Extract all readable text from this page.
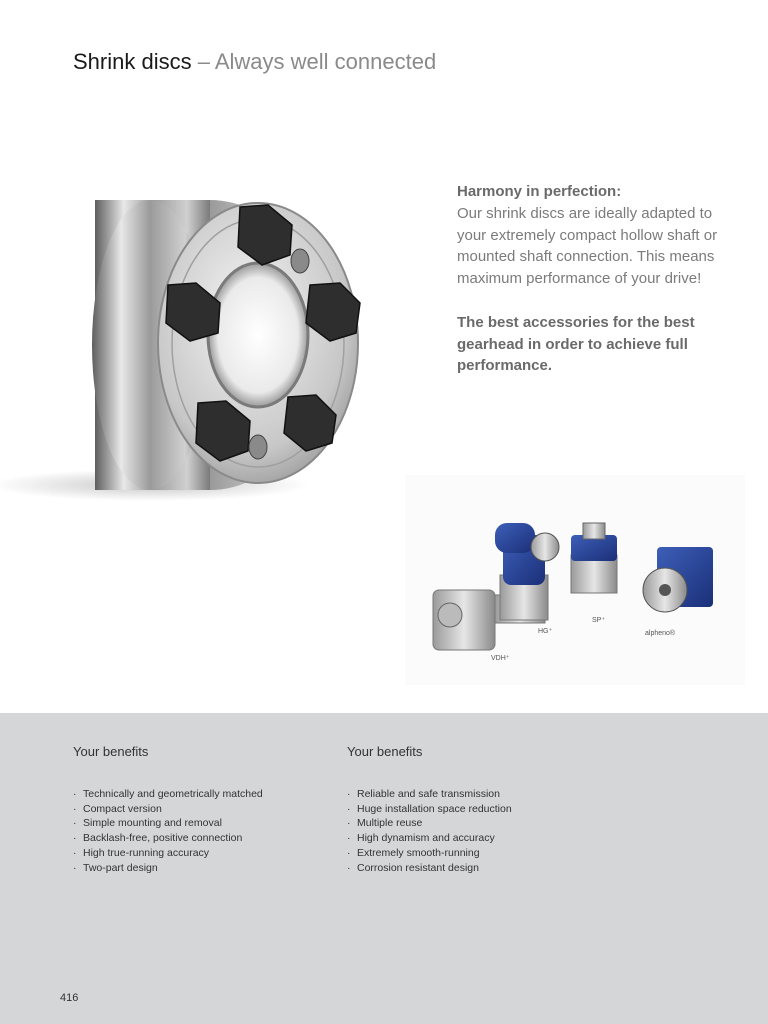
Shrink discs – Always well connected
Harmony in perfection:
Our shrink discs are ideally adapted to your extremely compact hollow shaft or mounted shaft connection. This means maximum performance of your drive!
The best accessories for the best gearhead in order to achieve full performance.
HG⁺
SP⁺
alpheno®
VDH⁺
Your benefits
· Technically and geometrically matched
· Compact version
· Simple mounting and removal
· Backlash-free, positive connection
· High true-running accuracy
· Two-part design
Your benefits
· Reliable and safe transmission
· Huge installation space reduction
· Multiple reuse
· High dynamism and accuracy
· Extremely smooth-running
· Corrosion resistant design
416
